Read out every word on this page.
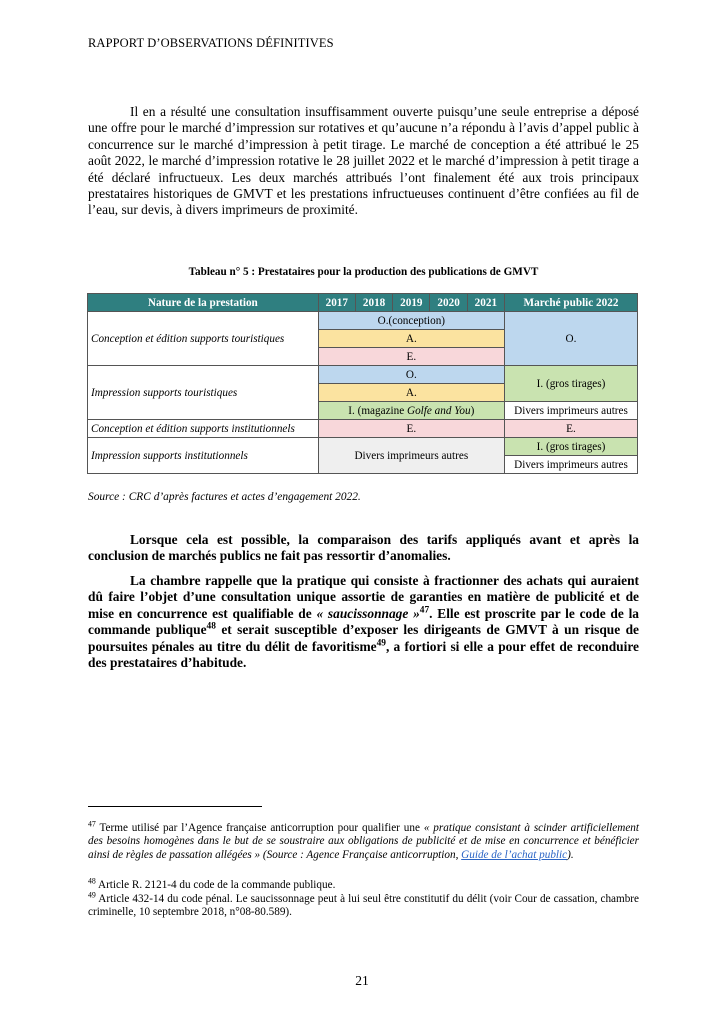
RAPPORT D’OBSERVATIONS DÉFINITIVES

Il en a résulté une consultation insuffisamment ouverte puisqu’une seule entreprise a déposé une offre pour le marché d’impression sur rotatives et qu’aucune n’a répondu à l’avis d’appel public à concurrence sur le marché d’impression à petit tirage. Le marché de conception a été attribué le 25 août 2022, le marché d’impression rotative le 28 juillet 2022 et le marché d’impression à petit tirage a été déclaré infructueux. Les deux marchés attribués l’ont finalement été aux trois principaux prestataires historiques de GMVT et les prestations infructueuses continuent d’être confiées au fil de l’eau, sur devis, à divers imprimeurs de proximité.

Tableau n° 5 : Prestataires pour la production des publications de GMVT
Nature de la prestation	2017	2018	2019	2020	2021	Marché public 2022
Conception et édition supports touristiques	O.(conception)					O.
	A.					
	E.					
Impression supports touristiques	O.					I. (gros tirages)
	A.					
	I. (magazine Golfe and You)					Divers imprimeurs autres
Conception et édition supports institutionnels	E.					E.
Impression supports institutionnels	Divers imprimeurs autres					I. (gros tirages)
						Divers imprimeurs autres
Source : CRC d’après factures et actes d’engagement 2022.

Lorsque cela est possible, la comparaison des tarifs appliqués avant et après la conclusion de marchés publics ne fait pas ressortir d’anomalies.

La chambre rappelle que la pratique qui consiste à fractionner des achats qui auraient dû faire l’objet d’une consultation unique assortie de garanties en matière de publicité et de mise en concurrence est qualifiable de « saucissonnage »$^{47}$. Elle est proscrite par le code de la commande publique$^{48}$ et serait susceptible d’exposer les dirigeants de GMVT à un risque de poursuites pénales au titre du délit de favoritisme$^{49}$, a fortiori si elle a pour effet de reconduire des prestataires d’habitude.

$^{47}$ Terme utilisé par l’Agence française anticorruption pour qualifier une « pratique consistant à scinder artificiellement des besoins homogènes dans le but de se soustraire aux obligations de publicité et de mise en concurrence et bénéficier ainsi de règles de passation allégées » (Source : Agence Française anticorruption, Guide de l’achat public).

$^{48}$ Article R. 2121-4 du code de la commande publique.

$^{49}$ Article 432-14 du code pénal. Le saucissonnage peut à lui seul être constitutif du délit (voir Cour de cassation, chambre criminelle, 10 septembre 2018, n°08-80.589).

21
